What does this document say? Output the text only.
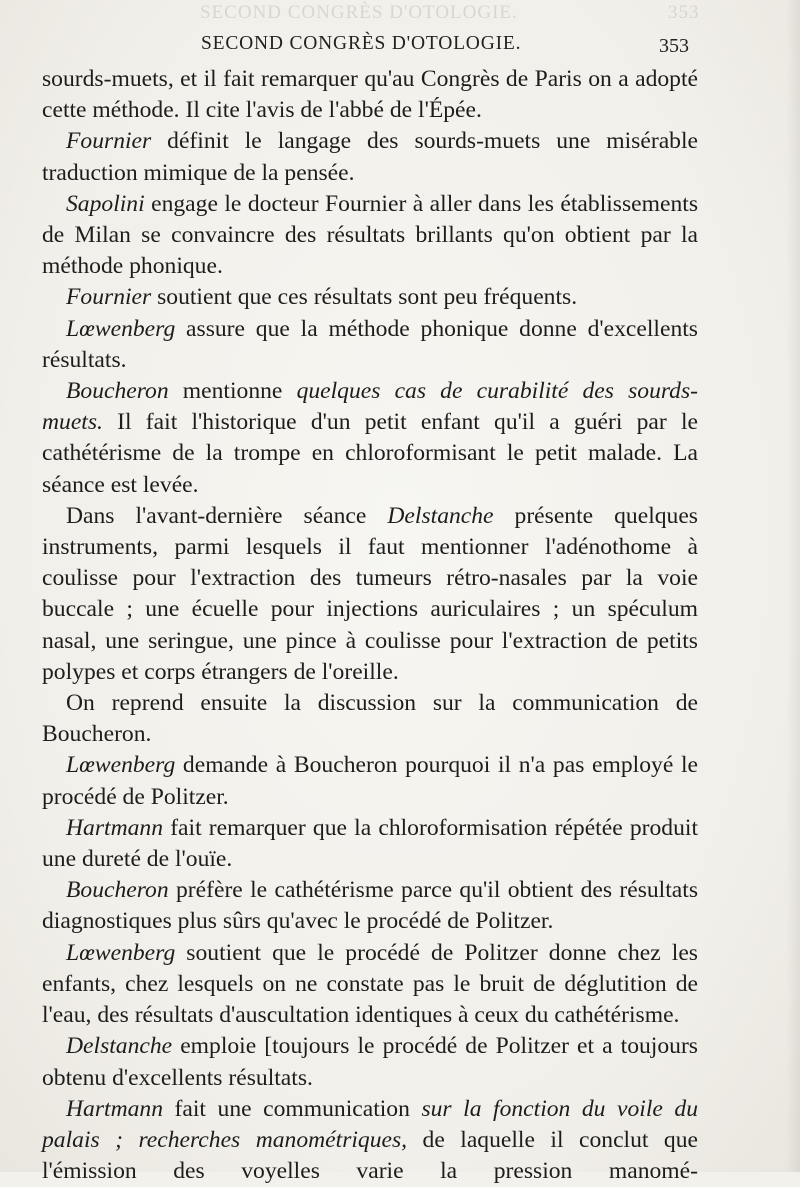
SECOND CONGRÈS D'OTOLOGIE.	353
SECOND CONGRÈS D'OTOLOGIE.	353

sourds-muets, et il fait remarquer qu'au Congrès de Paris on a adopté cette méthode. Il cite l'avis de l'abbé de l'Épée.

Fournier définit le langage des sourds-muets une misérable traduction mimique de la pensée.

Sapolini engage le docteur Fournier à aller dans les établissements de Milan se convaincre des résultats brillants qu'on obtient par la méthode phonique.

Fournier soutient que ces résultats sont peu fréquents.

Lœwenberg assure que la méthode phonique donne d'excellents résultats.

Boucheron mentionne quelques cas de curabilité des sourds-muets. Il fait l'historique d'un petit enfant qu'il a guéri par le cathétérisme de la trompe en chloroformisant le petit malade. La séance est levée.

Dans l'avant-dernière séance Delstanche présente quelques instruments, parmi lesquels il faut mentionner l'adénothome à coulisse pour l'extraction des tumeurs rétro-nasales par la voie buccale ; une écuelle pour injections auriculaires ; un spéculum nasal, une seringue, une pince à coulisse pour l'extraction de petits polypes et corps étrangers de l'oreille.

On reprend ensuite la discussion sur la communication de Boucheron.

Lœwenberg demande à Boucheron pourquoi il n'a pas employé le procédé de Politzer.

Hartmann fait remarquer que la chloroformisation répétée produit une dureté de l'ouïe.

Boucheron préfère le cathétérisme parce qu'il obtient des résultats diagnostiques plus sûrs qu'avec le procédé de Politzer.

Lœwenberg soutient que le procédé de Politzer donne chez les enfants, chez lesquels on ne constate pas le bruit de déglutition de l'eau, des résultats d'auscultation identiques à ceux du cathétérisme.

Delstanche emploie [toujours le procédé de Politzer et a toujours obtenu d'excellents résultats.

Hartmann fait une communication sur la fonction du voile du palais ; recherches manométriques, de laquelle il conclut que l'émission des voyelles varie la pression manomé-
